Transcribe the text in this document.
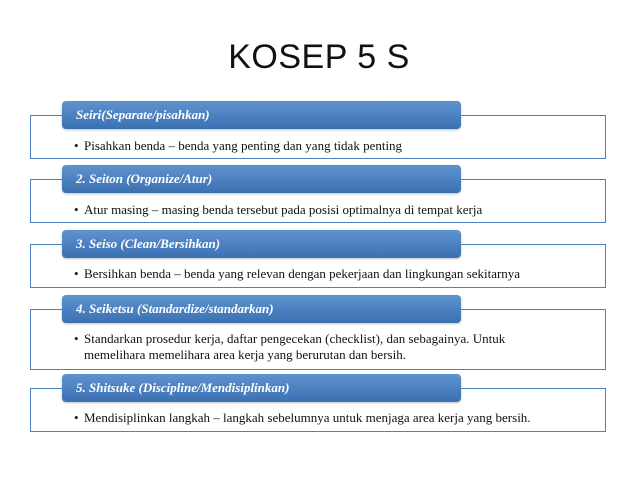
KOSEP 5 S
Seiri(Separate/pisahkan)
• Pisahkan benda – benda yang penting dan yang tidak penting
2. Seiton (Organize/Atur)
• Atur masing – masing benda tersebut pada posisi optimalnya di tempat kerja
3. Seiso (Clean/Bersihkan)
• Bersihkan benda – benda yang relevan dengan pekerjaan dan lingkungan sekitarnya
4. Seiketsu (Standardize/standarkan)
• Standarkan prosedur kerja, daftar pengecekan (checklist), dan sebagainya. Untuk
memelihara memelihara area kerja yang berurutan dan bersih.
5. Shitsuke (Discipline/Mendisiplinkan)
• Mendisiplinkan langkah – langkah sebelumnya untuk menjaga area kerja yang bersih.
